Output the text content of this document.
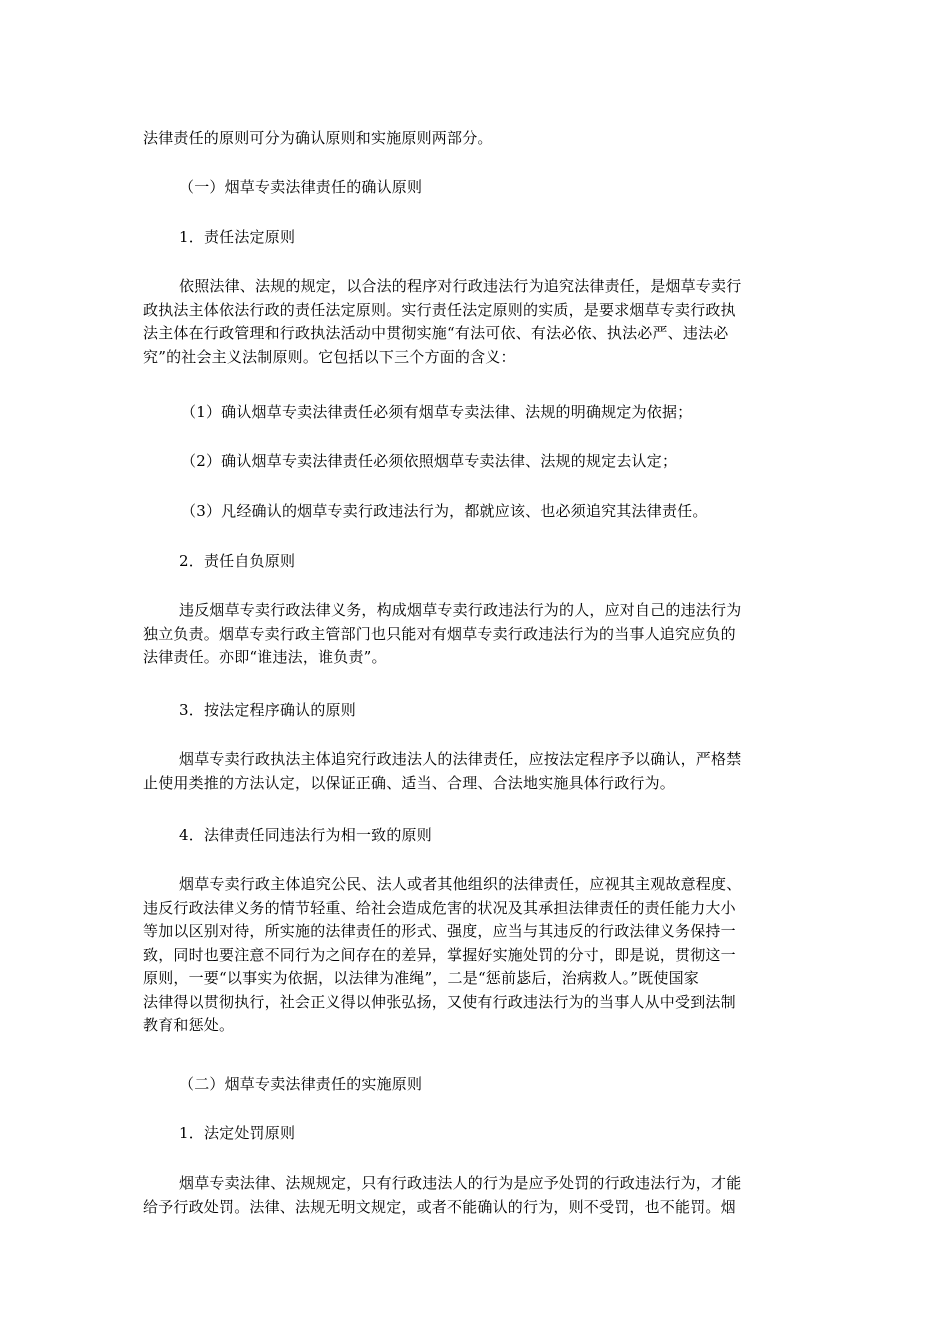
法律责任的原则可分为确认原则和实施原则两部分。

（一）烟草专卖法律责任的确认原则

1．责任法定原则

依照法律、法规的规定，以合法的程序对行政违法行为追究法律责任，是烟草专卖行
政执法主体依法行政的责任法定原则。实行责任法定原则的实质，是要求烟草专卖行政执
法主体在行政管理和行政执法活动中贯彻实施“有法可依、有法必依、执法必严、违法必
究”的社会主义法制原则。它包括以下三个方面的含义：

（1）确认烟草专卖法律责任必须有烟草专卖法律、法规的明确规定为依据；

（2）确认烟草专卖法律责任必须依照烟草专卖法律、法规的规定去认定；

（3）凡经确认的烟草专卖行政违法行为，都就应该、也必须追究其法律责任。

2．责任自负原则

违反烟草专卖行政法律义务，构成烟草专卖行政违法行为的人，应对自己的违法行为
独立负责。烟草专卖行政主管部门也只能对有烟草专卖行政违法行为的当事人追究应负的
法律责任。亦即“谁违法，谁负责”。

3．按法定程序确认的原则

烟草专卖行政执法主体追究行政违法人的法律责任，应按法定程序予以确认，严格禁
止使用类推的方法认定，以保证正确、适当、合理、合法地实施具体行政行为。

4．法律责任同违法行为相一致的原则

烟草专卖行政主体追究公民、法人或者其他组织的法律责任，应视其主观故意程度、
违反行政法律义务的情节轻重、给社会造成危害的状况及其承担法律责任的责任能力大小
等加以区别对待，所实施的法律责任的形式、强度，应当与其违反的行政法律义务保持一
致，同时也要注意不同行为之间存在的差异，掌握好实施处罚的分寸，即是说，贯彻这一
原则，一要“以事实为依据，以法律为准绳”，二是“惩前毖后，治病救人。”既使国家
法律得以贯彻执行，社会正义得以伸张弘扬，又使有行政违法行为的当事人从中受到法制
教育和惩处。

（二）烟草专卖法律责任的实施原则

1．法定处罚原则

烟草专卖法律、法规规定，只有行政违法人的行为是应予处罚的行政违法行为，才能
给予行政处罚。法律、法规无明文规定，或者不能确认的行为，则不受罚，也不能罚。烟
